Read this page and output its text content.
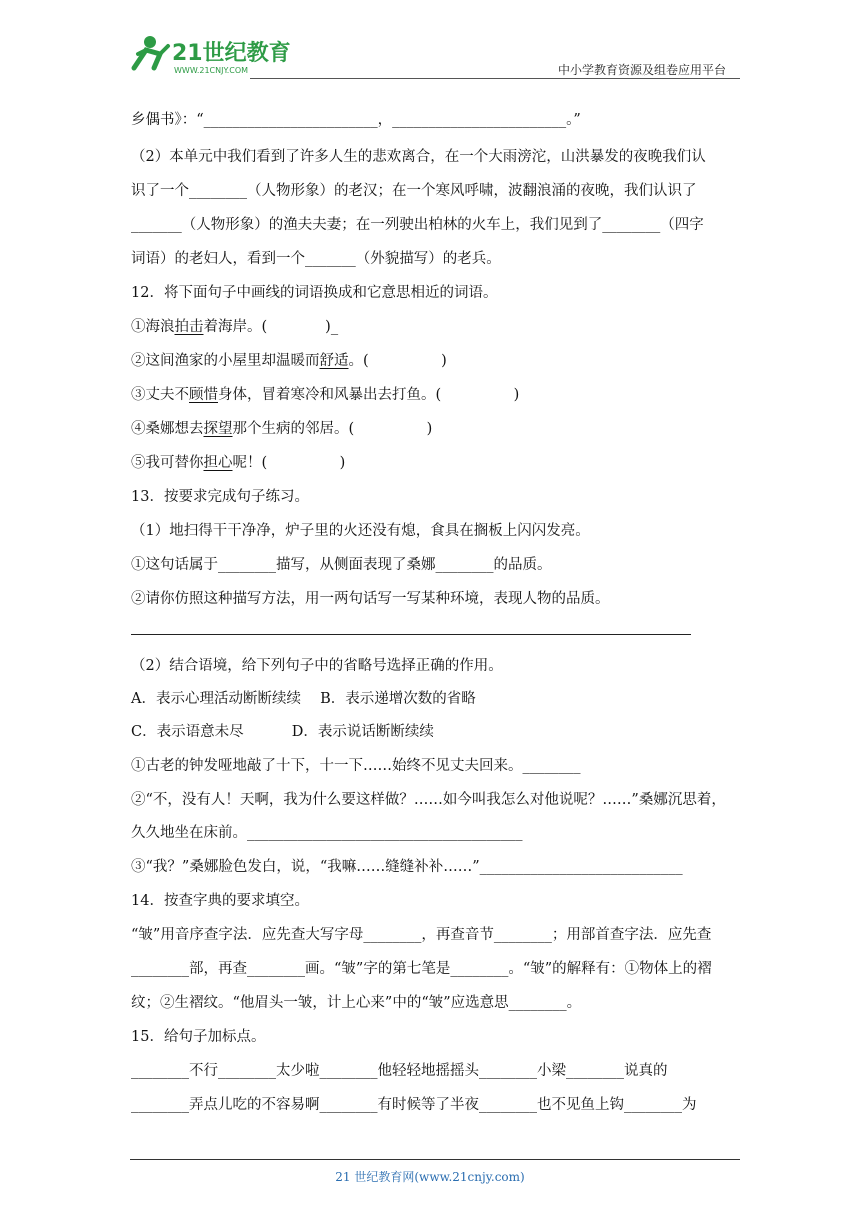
21世纪教育
WWW.21CNJY.COM	中小学教育资源及组卷应用平台
乡偶书》：“________________________，________________________。”
（2）本单元中我们看到了许多人生的悲欢离合，在一个大雨滂沱，山洪暴发的夜晚我们认
识了一个________（人物形象）的老汉；在一个寒风呼啸，波翻浪涌的夜晚，我们认识了
_______（人物形象）的渔夫夫妻；在一列驶出柏林的火车上，我们见到了________（四字
词语）的老妇人，看到一个_______（外貌描写）的老兵。
12．将下面句子中画线的词语换成和它意思相近的词语。
①海浪拍击着海岸。(　　　　)_
②这间渔家的小屋里却温暖而舒适。(　　　　　)
③丈夫不顾惜身体，冒着寒冷和风暴出去打鱼。(　　　　　)
④桑娜想去探望那个生病的邻居。(　　　　　)
⑤我可替你担心呢！(　　　　　)
13．按要求完成句子练习。
（1）地扫得干干净净，炉子里的火还没有熄，食具在搁板上闪闪发亮。
①这句话属于________描写，从侧面表现了桑娜________的品质。
②请你仿照这种描写方法，用一两句话写一写某种环境，表现人物的品质。
（2）结合语境，给下列句子中的省略号选择正确的作用。
A．表示心理活动断断续续　 B．表示递增次数的省略
C．表示语意未尽　　　 D．表示说话断断续续
①古老的钟发哑地敲了十下，十一下……始终不见丈夫回来。________
②“不，没有人！天啊，我为什么要这样做？……如今叫我怎么对他说呢？……”桑娜沉思着，
久久地坐在床前。______________________________________
③“我？”桑娜脸色发白，说，“我嘛……缝缝补补……”____________________________
14．按查字典的要求填空。
“皱”用音序查字法．应先查大写字母________，再查音节________；用部首查字法．应先查
________部，再查________画。“皱”字的第七笔是________。“皱”的解释有：①物体上的褶
纹；②生褶纹。“他眉头一皱，计上心来”中的“皱”应选意思________。
15．给句子加标点。
________不行________太少啦________他轻轻地摇摇头________小梁________说真的
________弄点儿吃的不容易啊________有时候等了半夜________也不见鱼上钩________为
21 世纪教育网(www.21cnjy.com)
